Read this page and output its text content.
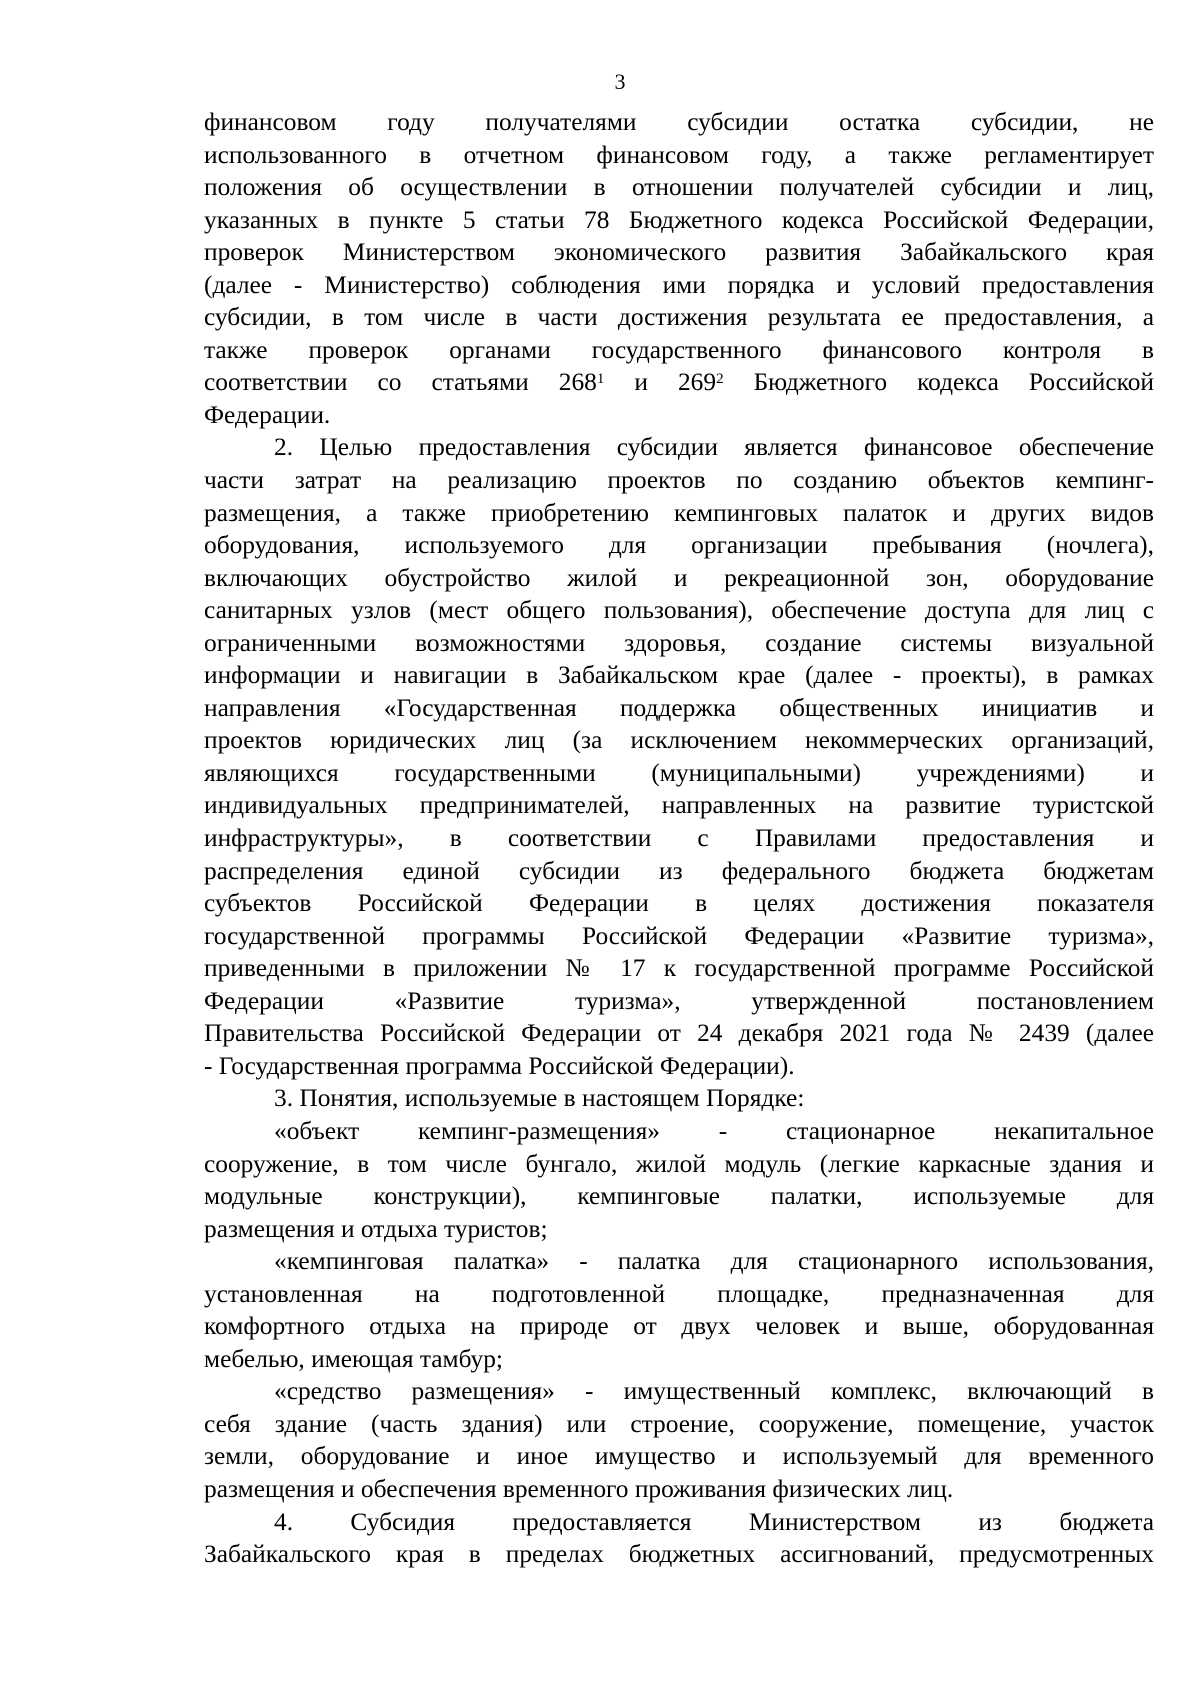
3
финансовом году получателями субсидии остатка субсидии, не
использованного в отчетном финансовом году, а также регламентирует
положения об осуществлении в отношении получателей субсидии и лиц,
указанных в пункте 5 статьи 78 Бюджетного кодекса Российской Федерации,
проверок Министерством экономического развития Забайкальского края
(далее - Министерство) соблюдения ими порядка и условий предоставления
субсидии, в том числе в части достижения результата ее предоставления, а
также проверок органами государственного финансового контроля в
соответствии со статьями $268^1$ и $269^2$ Бюджетного кодекса Российской
Федерации.
2. Целью предоставления субсидии является финансовое обеспечение
части затрат на реализацию проектов по созданию объектов кемпинг-
размещения, а также приобретению кемпинговых палаток и других видов
оборудования, используемого для организации пребывания (ночлега),
включающих обустройство жилой и рекреационной зон, оборудование
санитарных узлов (мест общего пользования), обеспечение доступа для лиц с
ограниченными возможностями здоровья, создание системы визуальной
информации и навигации в Забайкальском крае (далее - проекты), в рамках
направления «Государственная поддержка общественных инициатив и
проектов юридических лиц (за исключением некоммерческих организаций,
являющихся государственными (муниципальными) учреждениями) и
индивидуальных предпринимателей, направленных на развитие туристской
инфраструктуры», в соответствии с Правилами предоставления и
распределения единой субсидии из федерального бюджета бюджетам
субъектов Российской Федерации в целях достижения показателя
государственной программы Российской Федерации «Развитие туризма»,
приведенными в приложении № 17 к государственной программе Российской
Федерации «Развитие туризма», утвержденной постановлением
Правительства Российской Федерации от 24 декабря 2021 года № 2439 (далее
- Государственная программа Российской Федерации).
3. Понятия, используемые в настоящем Порядке:
«объект кемпинг-размещения» - стационарное некапитальное
сооружение, в том числе бунгало, жилой модуль (легкие каркасные здания и
модульные конструкции), кемпинговые палатки, используемые для
размещения и отдыха туристов;
«кемпинговая палатка» - палатка для стационарного использования,
установленная на подготовленной площадке, предназначенная для
комфортного отдыха на природе от двух человек и выше, оборудованная
мебелью, имеющая тамбур;
«средство размещения» - имущественный комплекс, включающий в
себя здание (часть здания) или строение, сооружение, помещение, участок
земли, оборудование и иное имущество и используемый для временного
размещения и обеспечения временного проживания физических лиц.
4. Субсидия предоставляется Министерством из бюджета
Забайкальского края в пределах бюджетных ассигнований, предусмотренных
